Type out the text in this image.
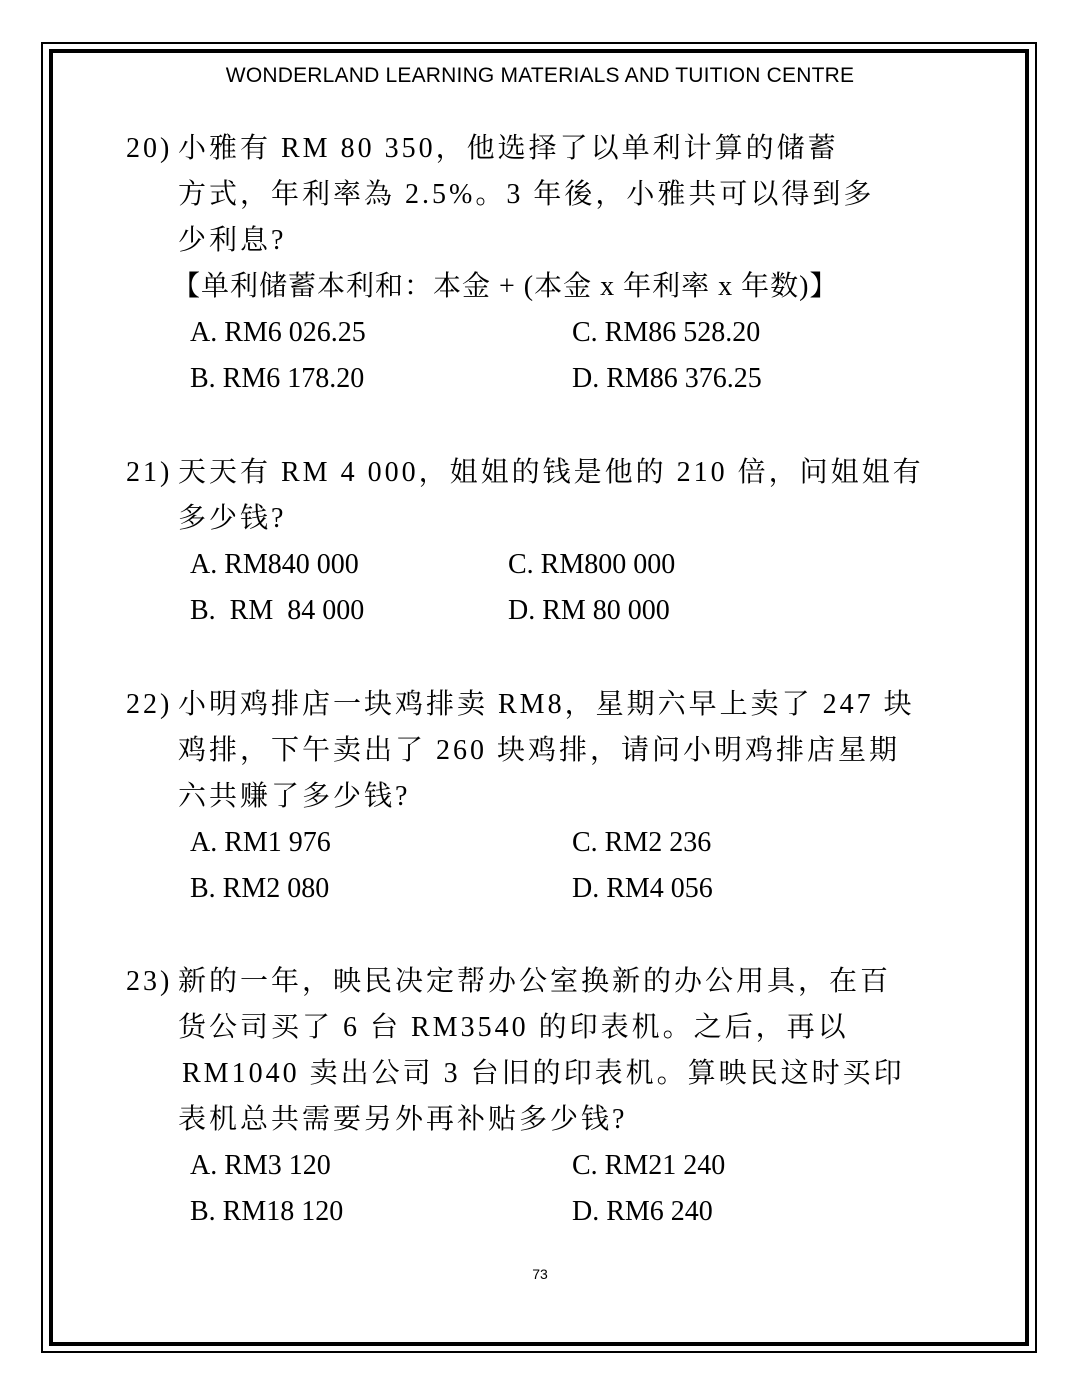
WONDERLAND LEARNING MATERIALS AND TUITION CENTRE
20) 小雅有 RM 80 350，他选择了以单利计算的储蓄
方式，年利率為 2.5%。3 年後，小雅共可以得到多
少利息?
【单利储蓄本利和：本金 + (本金 x 年利率 x 年数)】
A. RM6 026.25	C. RM86 528.20
B. RM6 178.20	D. RM86 376.25
21) 天天有 RM 4 000，姐姐的钱是他的 210 倍，问姐姐有
多少钱?
A. RM840 000	C. RM800 000
B.  RM  84 000	D. RM 80 000
22) 小明鸡排店一块鸡排卖 RM8，星期六早上卖了 247 块
鸡排，下午卖出了 260 块鸡排，请问小明鸡排店星期
六共赚了多少钱?
A. RM1 976	C. RM2 236
B. RM2 080	D. RM4 056
23) 新的一年，映民决定帮办公室换新的办公用具，在百
货公司买了 6 台 RM3540 的印表机。之后，再以
RM1040 卖出公司 3 台旧的印表机。算映民这时买印
表机总共需要另外再补贴多少钱?
A. RM3 120	C. RM21 240
B. RM18 120	D. RM6 240
73
